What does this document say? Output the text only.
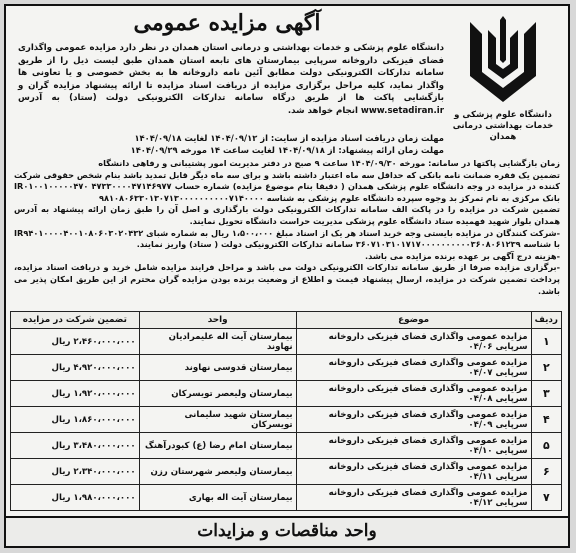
دانشگاه علوم پزشکی و
خدمات بهداشتی درمانی همدان
آگهی مزایده عمومی
دانشگاه علوم پزشکی و خدمات بهداشتی و درمانی استان همدان در نظر دارد مزایده عمومی واگذاری فضای فیزیکی داروخانه سرپایی بیمارستان های تابعه استان همدان طبق لیست ذیل را از طریق سامانه تدارکات الکترونیکی دولت مطابق آئین نامه داروخانه ها به بخش خصوصی و یا تعاونی ها واگذار نماید، کلیه مراحل برگزاری مزایده از دریافت اسناد مزایده تا ارائه پیشنهاد مزایده گران و بازگشایی پاکت ها از طریق درگاه سامانه تدارکات الکترونیکی دولت (ستاد) به آدرس www.setadiran.ir انجام خواهد شد.
مهلت زمان دریافت اسناد مزایده از سایت: از ۱۴۰۴/۰۹/۱۲ لغایت ۱۴۰۴/۰۹/۱۸
مهلت زمان ارائه پیشنهاد: از ۱۴۰۴/۰۹/۱۸ لغایت ساعت ۱۴ مورخه ۱۴۰۴/۰۹/۲۹

زمان بازگشایی پاکتها در سامانه: مورخه ۱۴۰۴/۰۹/۳۰ ساعت ۹ صبح در دفتر مدیریت امور پشتیبانی و رفاهی دانشگاه

تضمین یک فقره ضمانت نامه بانکی که حداقل سه ماه اعتبار داشته باشد و برای سه ماه دیگر قابل تمدید باشد بنام شخص حقوقی شرکت کننده در مزایده در وجه دانشگاه علوم پزشکی همدان ( دقیقا بنام موضوع مزایده) شماره حساب ۴۷۳۳۰۰۰۰۴۷۱۴۶۹۷۷ IR۰۱۰۰۱۰۰۰۰۰۴۷۰ بانک مرکزی به نام تمرکز بد وجوه سپرده دانشگاه علوم پزشکی به شناسه ۹۸۱۰۸۰۶۳۳۰۱۳۰۷۱۳۰۰۰۰۰۰۰۰۰۰۷۱۴۰۰۰۰

تضمین شرکت در مزایده را در پاکت الف سامانه تدارکات الکترونیکی دولت بارگذاری و اصل آن را طبق زمان ارائه پیشنهاد به آدرس همدان بلوار شهید فهمیده ستاد دانشگاه علوم پزشکی مدیریت حراست دانشگاه تحویل نمایند.

-شرکت کنندگان در مزایده بایستی وجه خرید اسناد هر یک از اسناد مبلغ ۱،۵۰۰،۰۰۰ ریال به شماره شبای IR۹۴۰۱۰۰۰۰۴۰۰۱۰۸۰۶۰۳۰۲۰۴۳۲ با شناسه ۳۶۰۷۱۰۳۱۰۱۷۱۷۰۰۰۰۰۰۰۰۰۰۳۶۰۸۰۶۱۲۳۹ سامانه تدارکات الکترونیکی دولت ( ستاد) واریز نمایند.

-هزینه درج آگهی بر عهده برنده مزایده می باشد.

-برگزاری مزایده صرفا از طریق سامانه تدارکات الکترونیکی دولت می باشد و مراحل فرایند مزایده شامل خرید و دریافت اسناد مزایده، پرداخت تضمین شرکت در مزایده، ارسال پیشنهاد قیمت و اطلاع از وضعیت برنده بودن مزایده گران محترم از این طریق امکان پذیر می باشد.

ردیف	موضوع	واحد	تضمین شرکت در مزایده
۱	مزایده عمومی واگذاری فضای فیزیکی داروخانه سرپایی ۰۴/۰۶	بیمارستان آیت اله علیمرادیان نهاوند	۲،۴۶۰،۰۰۰،۰۰۰ ریال
۲	مزایده عمومی واگذاری فضای فیزیکی داروخانه سرپایی ۰۴/۰۷	بیمارستان قدوسی نهاوند	۴،۹۲۰،۰۰۰،۰۰۰ ریال
۳	مزایده عمومی واگذاری فضای فیزیکی داروخانه سرپایی ۰۴/۰۸	بیمارستان ولیعصر تویسرکان	۱،۹۲۰،۰۰۰،۰۰۰ ریال
۴	مزایده عمومی واگذاری فضای فیزیکی داروخانه سرپایی ۰۴/۰۹	بیمارستان شهید سلیمانی تویسرکان	۱،۸۶۰،۰۰۰،۰۰۰ ریال
۵	مزایده عمومی واگذاری فضای فیزیکی داروخانه سرپایی ۰۴/۱۰	بیمارستان امام رضا (ع) کبودرآهنگ	۳،۴۸۰،۰۰۰،۰۰۰ ریال
۶	مزایده عمومی واگذاری فضای فیزیکی داروخانه سرپایی ۰۴/۱۱	بیمارستان ولیعصر شهرستان رزن	۲،۳۴۰،۰۰۰،۰۰۰ ریال
۷	مزایده عمومی واگذاری فضای فیزیکی داروخانه سرپایی ۰۴/۱۲	بیمارستان آیت اله بهاری	۱،۹۸۰،۰۰۰،۰۰۰ ریال
واحد مناقصات و مزایدات
